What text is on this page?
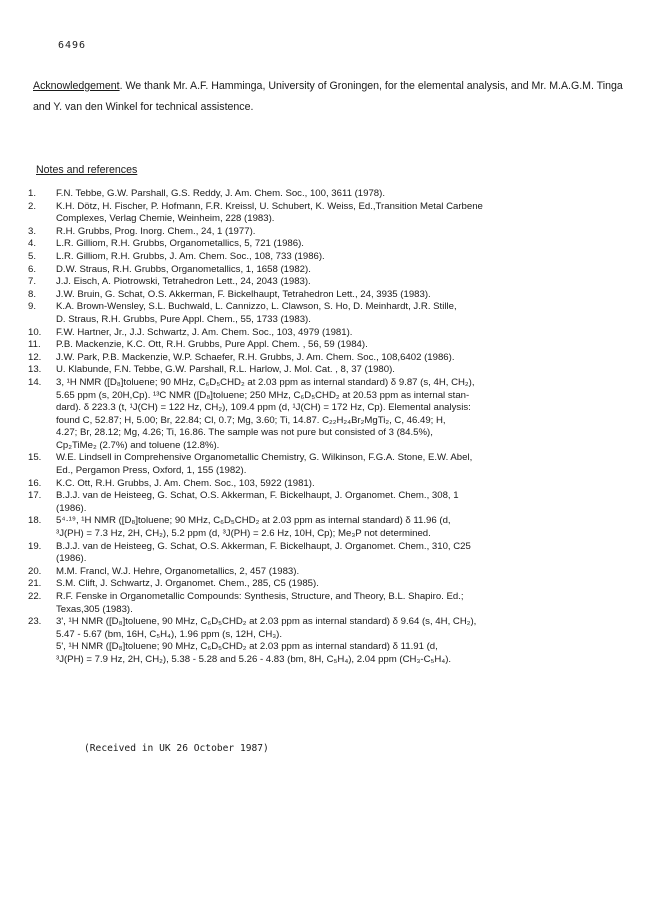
6496
Acknowledgement. We thank Mr. A.F. Hamminga, University of Groningen, for the elemental analysis, and Mr. M.A.G.M. Tinga and Y. van den Winkel for technical assistence.
Notes and references
1.	F.N. Tebbe, G.W. Parshall, G.S. Reddy, J. Am. Chem. Soc., 100, 3611 (1978).
2.	K.H. Dötz, H. Fischer, P. Hofmann, F.R. Kreissl, U. Schubert, K. Weiss, Ed.,Transition Metal Carbene
Complexes, Verlag Chemie, Weinheim, 228 (1983).
3.	R.H. Grubbs, Prog. Inorg. Chem., 24, 1 (1977).
4.	L.R. Gilliom, R.H. Grubbs, Organometallics, 5, 721 (1986).
5.	L.R. Gilliom, R.H. Grubbs, J. Am. Chem. Soc., 108, 733 (1986).
6.	D.W. Straus, R.H. Grubbs, Organometallics, 1, 1658 (1982).
7.	J.J. Eisch, A. Piotrowski, Tetrahedron Lett., 24, 2043 (1983).
8.	J.W. Bruin, G. Schat, O.S. Akkerman, F. Bickelhaupt, Tetrahedron Lett., 24, 3935 (1983).
9.	K.A. Brown-Wensley, S.L. Buchwald, L. Cannizzo, L. Clawson, S. Ho, D. Meinhardt, J.R. Stille,
D. Straus, R.H. Grubbs, Pure Appl. Chem., 55, 1733 (1983).
10.	F.W. Hartner, Jr., J.J. Schwartz, J. Am. Chem. Soc., 103, 4979 (1981).
11.	P.B. Mackenzie, K.C. Ott, R.H. Grubbs, Pure Appl. Chem. , 56, 59 (1984).
12.	J.W. Park, P.B. Mackenzie, W.P. Schaefer, R.H. Grubbs, J. Am. Chem. Soc., 108,6402 (1986).
13.	U. Klabunde, F.N. Tebbe, G.W. Parshall, R.L. Harlow, J. Mol. Cat. , 8, 37 (1980).
14.	3, ¹H NMR ([D₈]toluene; 90 MHz, C₆D₅CHD₂ at 2.03 ppm as internal standard) δ 9.87 (s, 4H, CH₂),
5.65 ppm (s, 20H,Cp). ¹³C NMR ([D₈]toluene; 250 MHz, C₆D₅CHD₂ at 20.53 ppm as internal stan-
dard). δ 223.3 (t, ¹J(CH) = 122 Hz, CH₂), 109.4 ppm (d, ¹J(CH) = 172 Hz, Cp). Elemental analysis:
found C, 52.87; H, 5.00; Br, 22.84; Cl, 0.7; Mg, 3.60; Ti, 14.87. C₂₂H₂₄Br₂MgTi₂, C, 46.49; H,
4.27; Br, 28.12; Mg, 4.26; Ti, 16.86. The sample was not pure but consisted of 3 (84.5%),
Cp₂TiMe₂ (2.7%) and toluene (12.8%).
15.	W.E. Lindsell in Comprehensive Organometallic Chemistry, G. Wilkinson, F.G.A. Stone, E.W. Abel,
Ed., Pergamon Press, Oxford, 1, 155 (1982).
16.	K.C. Ott, R.H. Grubbs, J. Am. Chem. Soc., 103, 5922 (1981).
17.	B.J.J. van de Heisteeg, G. Schat, O.S. Akkerman, F. Bickelhaupt, J. Organomet. Chem., 308, 1
(1986).
18.	5⁴·¹⁹, ¹H NMR ([D₈]toluene; 90 MHz, C₆D₅CHD₂ at 2.03 ppm as internal standard) δ 11.96 (d,
³J(PH) = 7.3 Hz, 2H, CH₂), 5.2 ppm (d, ³J(PH) = 2.6 Hz, 10H, Cp); Me₃P not determined.
19.	B.J.J. van de Heisteeg, G. Schat, O.S. Akkerman, F. Bickelhaupt, J. Organomet. Chem., 310, C25
(1986).
20.	M.M. Francl, W.J. Hehre, Organometallics, 2, 457 (1983).
21.	S.M. Clift, J. Schwartz, J. Organomet. Chem., 285, C5 (1985).
22.	R.F. Fenske in Organometallic Compounds: Synthesis, Structure, and Theory, B.L. Shapiro. Ed.;
Texas,305 (1983).
23.	3', ¹H NMR ([D₈]toluene, 90 MHz, C₆D₅CHD₂ at 2.03 ppm as internal standard) δ 9.64 (s, 4H, CH₂),
5.47 - 5.67 (bm, 16H, C₅H₄), 1.96 ppm (s, 12H, CH₃).
5', ¹H NMR ([D₈]toluene; 90 MHz, C₆D₅CHD₂ at 2.03 ppm as internal standard) δ 11.91 (d,
³J(PH) = 7.9 Hz, 2H, CH₂), 5.38 - 5.28 and 5.26 - 4.83 (bm, 8H, C₅H₄), 2.04 ppm (CH₃-C₅H₄).
(Received in UK 26 October 1987)
